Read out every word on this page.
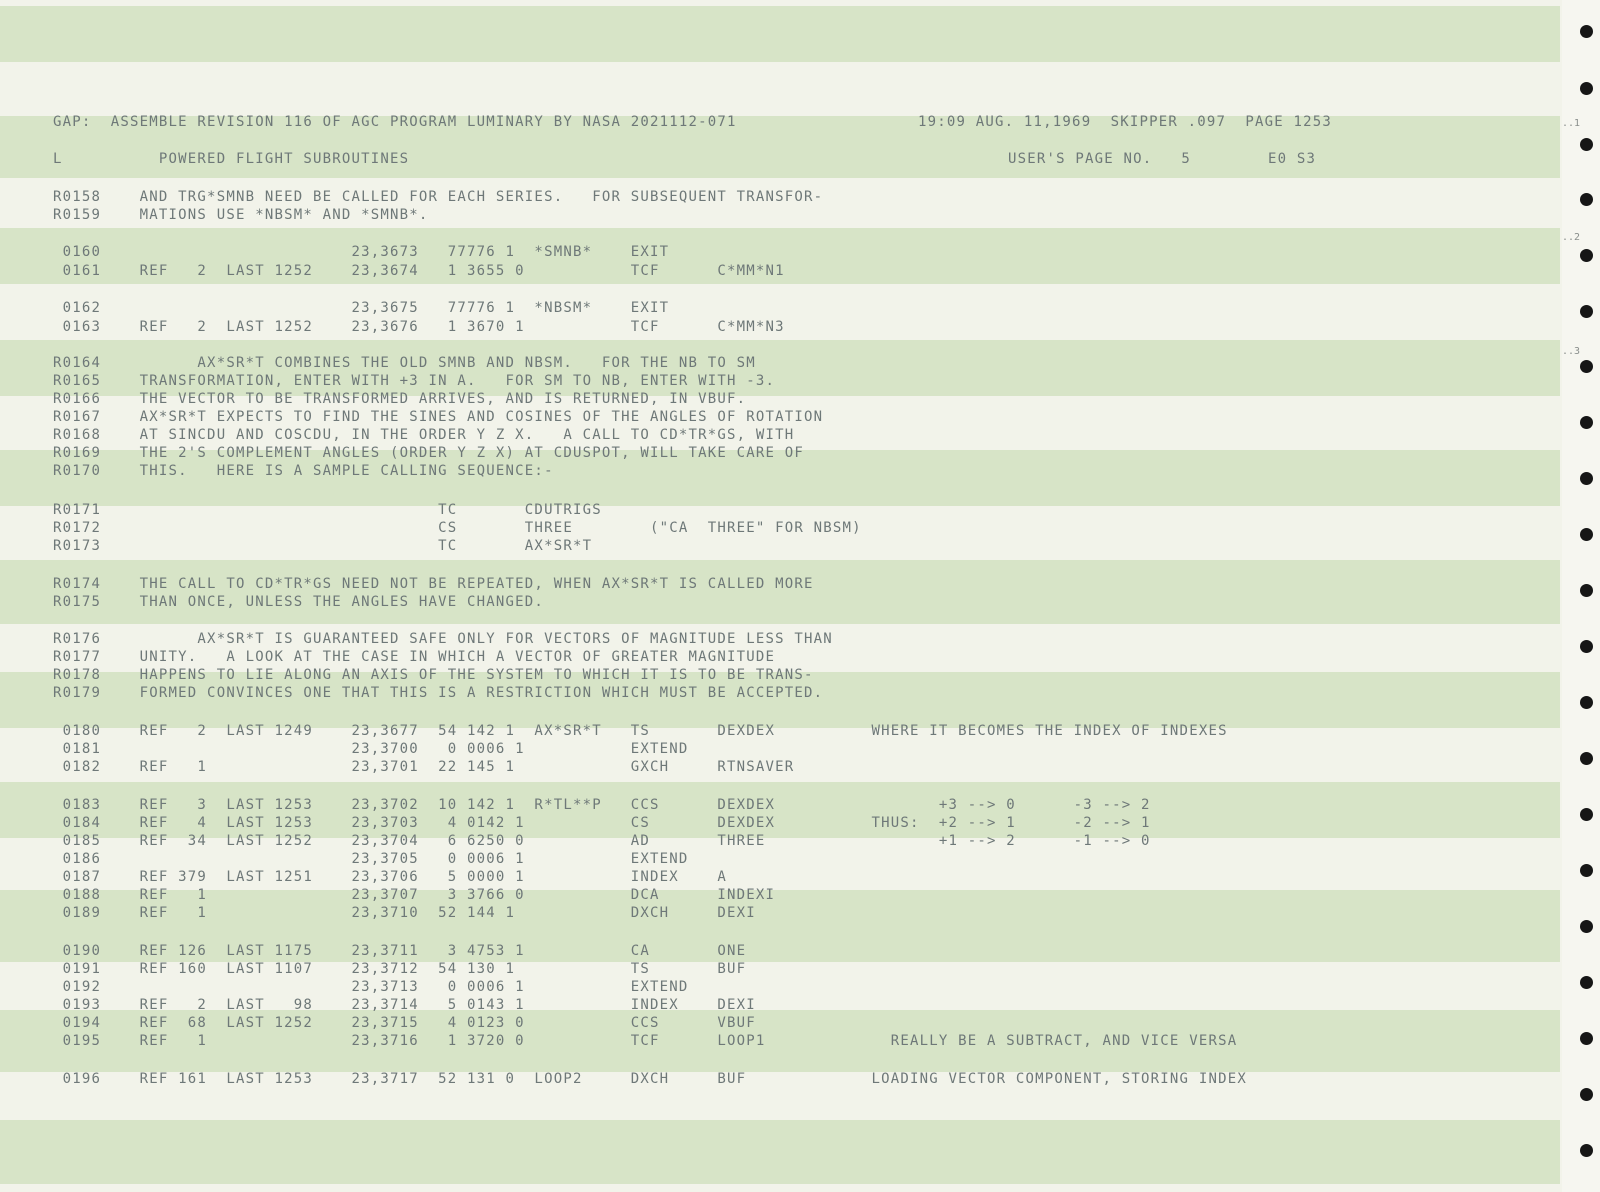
..1
..2
..3
GAP:  ASSEMBLE REVISION 116 OF AGC PROGRAM LUMINARY BY NASA 2021112-071	19:09 AUG. 11,1969  SKIPPER .097  PAGE 1253
L          POWERED FLIGHT SUBROUTINES	USER'S PAGE NO.   5        E0 S3
R0158    AND TRG*SMNB NEED BE CALLED FOR EACH SERIES.   FOR SUBSEQUENT TRANSFOR-
R0159    MATIONS USE *NBSM* AND *SMNB*.
0160                          23,3673   77776 1  *SMNB*    EXIT
0161    REF   2  LAST 1252    23,3674   1 3655 0           TCF      C*MM*N1
0162                          23,3675   77776 1  *NBSM*    EXIT
0163    REF   2  LAST 1252    23,3676   1 3670 1           TCF      C*MM*N3
R0164          AX*SR*T COMBINES THE OLD SMNB AND NBSM.   FOR THE NB TO SM
R0165    TRANSFORMATION, ENTER WITH +3 IN A.   FOR SM TO NB, ENTER WITH -3.
R0166    THE VECTOR TO BE TRANSFORMED ARRIVES, AND IS RETURNED, IN VBUF.
R0167    AX*SR*T EXPECTS TO FIND THE SINES AND COSINES OF THE ANGLES OF ROTATION
R0168    AT SINCDU AND COSCDU, IN THE ORDER Y Z X.   A CALL TO CD*TR*GS, WITH
R0169    THE 2'S COMPLEMENT ANGLES (ORDER Y Z X) AT CDUSPOT, WILL TAKE CARE OF
R0170    THIS.   HERE IS A SAMPLE CALLING SEQUENCE:-
R0171                                   TC       CDUTRIGS
R0172                                   CS       THREE        ("CA  THREE" FOR NBSM)
R0173                                   TC       AX*SR*T
R0174    THE CALL TO CD*TR*GS NEED NOT BE REPEATED, WHEN AX*SR*T IS CALLED MORE
R0175    THAN ONCE, UNLESS THE ANGLES HAVE CHANGED.
R0176          AX*SR*T IS GUARANTEED SAFE ONLY FOR VECTORS OF MAGNITUDE LESS THAN
R0177    UNITY.   A LOOK AT THE CASE IN WHICH A VECTOR OF GREATER MAGNITUDE
R0178    HAPPENS TO LIE ALONG AN AXIS OF THE SYSTEM TO WHICH IT IS TO BE TRANS-
R0179    FORMED CONVINCES ONE THAT THIS IS A RESTRICTION WHICH MUST BE ACCEPTED.
0180    REF   2  LAST 1249    23,3677  54 142 1  AX*SR*T   TS       DEXDEX          WHERE IT BECOMES THE INDEX OF INDEXES
0181                          23,3700   0 0006 1           EXTEND
0182    REF   1               23,3701  22 145 1            GXCH     RTNSAVER
0183    REF   3  LAST 1253    23,3702  10 142 1  R*TL**P   CCS      DEXDEX                 +3 --> 0      -3 --> 2
0184    REF   4  LAST 1253    23,3703   4 0142 1           CS       DEXDEX          THUS:  +2 --> 1      -2 --> 1
0185    REF  34  LAST 1252    23,3704   6 6250 0           AD       THREE                  +1 --> 2      -1 --> 0
0186                          23,3705   0 0006 1           EXTEND
0187    REF 379  LAST 1251    23,3706   5 0000 1           INDEX    A
0188    REF   1               23,3707   3 3766 0           DCA      INDEXI
0189    REF   1               23,3710  52 144 1            DXCH     DEXI
0190    REF 126  LAST 1175    23,3711   3 4753 1           CA       ONE
0191    REF 160  LAST 1107    23,3712  54 130 1            TS       BUF
0192                          23,3713   0 0006 1           EXTEND
0193    REF   2  LAST   98    23,3714   5 0143 1           INDEX    DEXI
0194    REF  68  LAST 1252    23,3715   4 0123 0           CCS      VBUF
0195    REF   1               23,3716   1 3720 0           TCF      LOOP1             REALLY BE A SUBTRACT, AND VICE VERSA
0196    REF 161  LAST 1253    23,3717  52 131 0  LOOP2     DXCH     BUF             LOADING VECTOR COMPONENT, STORING INDEX
